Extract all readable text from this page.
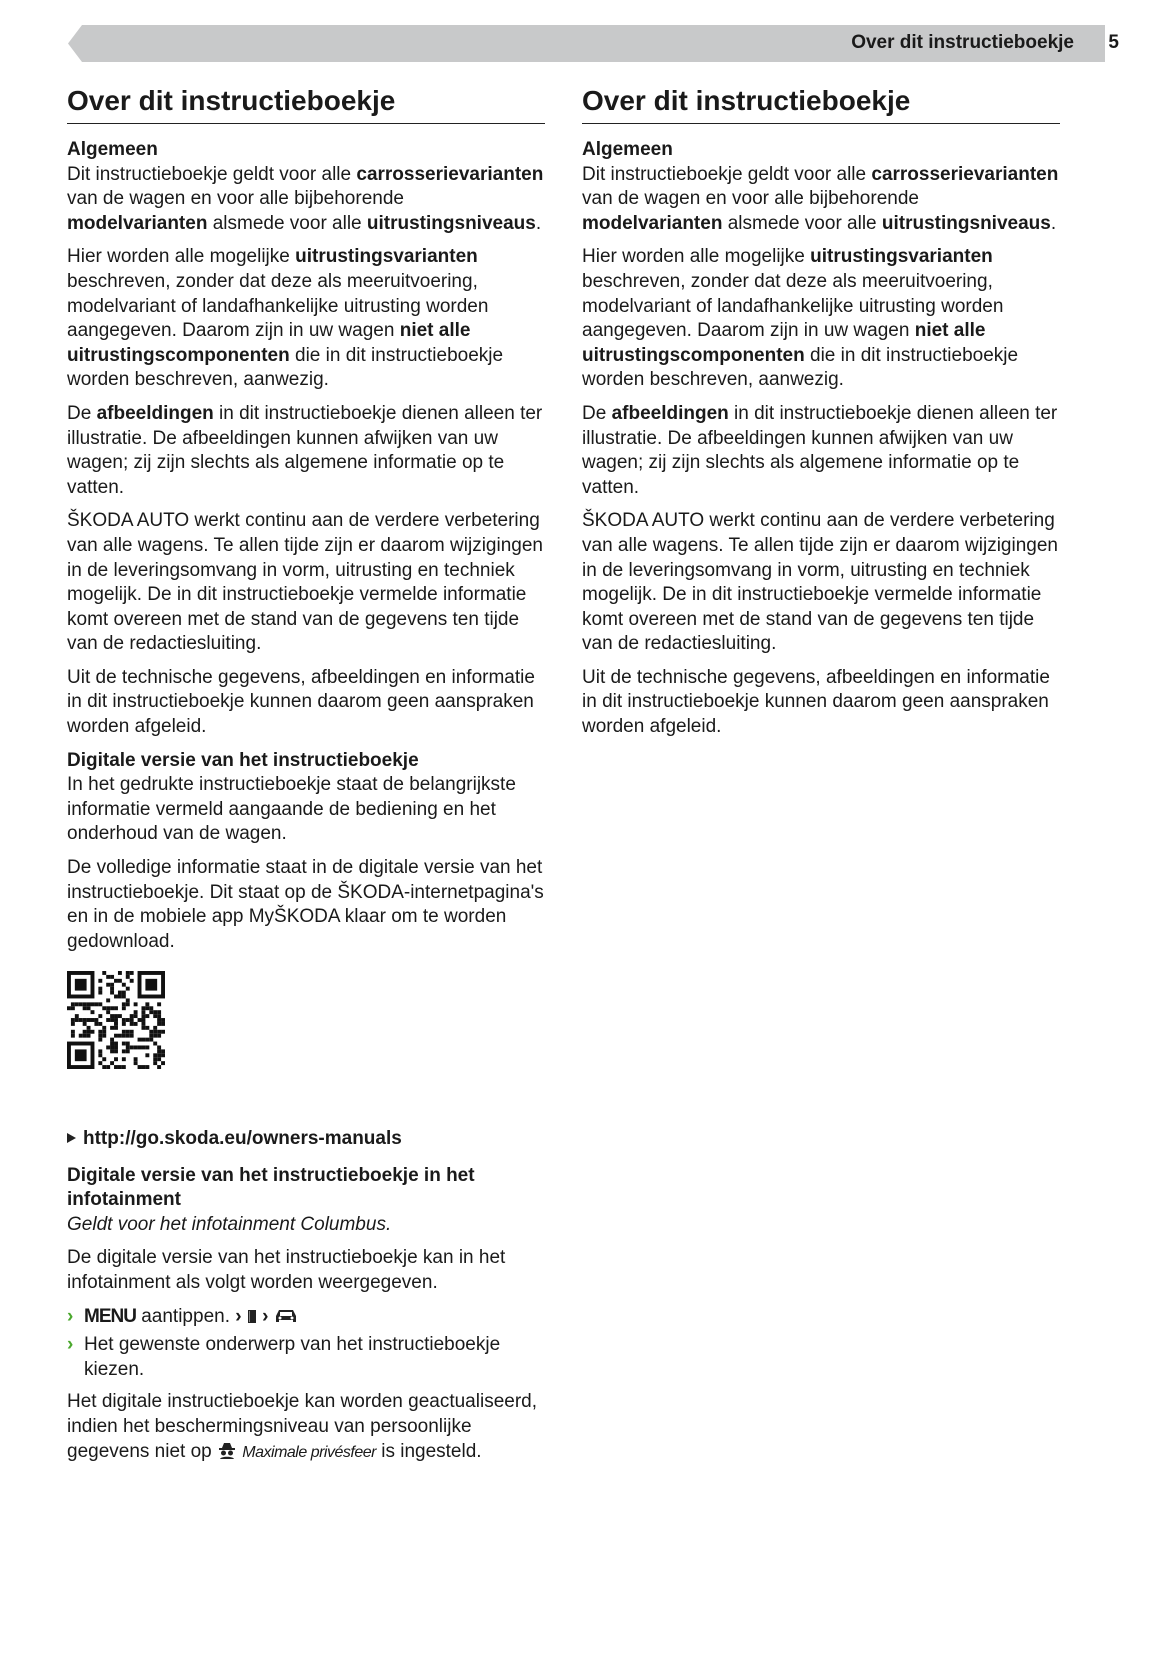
Over dit instructieboekje 5
Over dit instructieboekje
Algemeen

Dit instructieboekje geldt voor alle carrosserievarianten van de wagen en voor alle bijbehorende modelvarianten alsmede voor alle uitrustingsniveaus.

Hier worden alle mogelijke uitrustingsvarianten beschreven, zonder dat deze als meeruitvoering, modelvariant of landafhankelijke uitrusting worden aangegeven. Daarom zijn in uw wagen niet alle uitrustingscomponenten die in dit instructieboekje worden beschreven, aanwezig.

De afbeeldingen in dit instructieboekje dienen alleen ter illustratie. De afbeeldingen kunnen afwijken van uw wagen; zij zijn slechts als algemene informatie op te vatten.

ŠKODA AUTO werkt continu aan de verdere verbetering van alle wagens. Te allen tijde zijn er daarom wijzigingen in de leveringsomvang in vorm, uitrusting en techniek mogelijk. De in dit instructieboekje vermelde informatie komt overeen met de stand van de gegevens ten tijde van de redactiesluiting.

Uit de technische gegevens, afbeeldingen en informatie in dit instructieboekje kunnen daarom geen aanspraken worden afgeleid.

Digitale versie van het instructieboekje

In het gedrukte instructieboekje staat de belangrijkste informatie vermeld aangaande de bediening en het onderhoud van de wagen.

De volledige informatie staat in de digitale versie van het instructieboekje. Dit staat op de ŠKODA-internetpagina's en in de mobiele app MyŠKODA klaar om te worden gedownload.

http://go.skoda.eu/owners-manuals
Digitale versie van het instructieboekje in het infotainment

Geldt voor het infotainment Columbus.

De digitale versie van het instructieboekje kan in het infotainment als volgt worden weergegeven.

› MENU aantippen. › ›
› Het gewenste onderwerp van het instructieboekje kiezen.

Het digitale instructieboekje kan worden geactualiseerd, indien het beschermingsniveau van persoonlijke gegevens niet op  Maximale privésfeer is ingesteld.

Over dit instructieboekje
Algemeen

Dit instructieboekje geldt voor alle carrosserievarianten van de wagen en voor alle bijbehorende modelvarianten alsmede voor alle uitrustingsniveaus.

Hier worden alle mogelijke uitrustingsvarianten beschreven, zonder dat deze als meeruitvoering, modelvariant of landafhankelijke uitrusting worden aangegeven. Daarom zijn in uw wagen niet alle uitrustingscomponenten die in dit instructieboekje worden beschreven, aanwezig.

De afbeeldingen in dit instructieboekje dienen alleen ter illustratie. De afbeeldingen kunnen afwijken van uw wagen; zij zijn slechts als algemene informatie op te vatten.

ŠKODA AUTO werkt continu aan de verdere verbetering van alle wagens. Te allen tijde zijn er daarom wijzigingen in de leveringsomvang in vorm, uitrusting en techniek mogelijk. De in dit instructieboekje vermelde informatie komt overeen met de stand van de gegevens ten tijde van de redactiesluiting.

Uit de technische gegevens, afbeeldingen en informatie in dit instructieboekje kunnen daarom geen aanspraken worden afgeleid.
